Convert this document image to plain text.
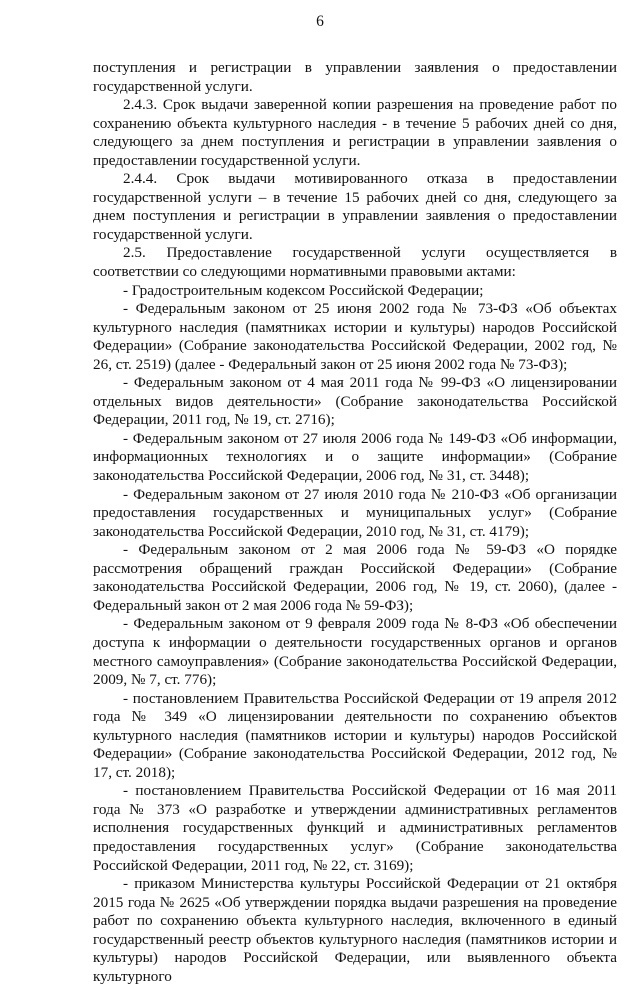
6

поступления и регистрации в управлении заявления о предоставлении государственной услуги.

2.4.3. Срок выдачи заверенной копии разрешения на проведение работ по сохранению объекта культурного наследия - в течение 5 рабочих дней со дня, следующего за днем поступления и регистрации в управлении заявления о предоставлении государственной услуги.

2.4.4. Срок выдачи мотивированного отказа в предоставлении государственной услуги – в течение 15 рабочих дней со дня, следующего за днем поступления и регистрации в управлении заявления о предоставлении государственной услуги.

2.5. Предоставление государственной услуги осуществляется в соответствии со следующими нормативными правовыми актами:

- Градостроительным кодексом Российской Федерации;

- Федеральным законом от 25 июня 2002 года № 73-ФЗ «Об объектах культурного наследия (памятниках истории и культуры) народов Российской Федерации» (Собрание законодательства Российской Федерации, 2002 год, № 26, ст. 2519) (далее - Федеральный закон от 25 июня 2002 года № 73-ФЗ);

- Федеральным законом от 4 мая 2011 года № 99-ФЗ «О лицензировании отдельных видов деятельности» (Собрание законодательства Российской Федерации, 2011 год, № 19, ст. 2716);

- Федеральным законом от 27 июля 2006 года № 149-ФЗ «Об информации, информационных технологиях и о защите информации» (Собрание законодательства Российской Федерации, 2006 год, № 31, ст. 3448);

- Федеральным законом от 27 июля 2010 года № 210-ФЗ «Об организации предоставления государственных и муниципальных услуг» (Собрание законодательства Российской Федерации, 2010 год, № 31, ст. 4179);

- Федеральным законом от 2 мая 2006 года № 59-ФЗ «О порядке рассмотрения обращений граждан Российской Федерации» (Собрание законодательства Российской Федерации, 2006 год, № 19, ст. 2060), (далее - Федеральный закон от 2 мая 2006 года № 59-ФЗ);

- Федеральным законом от 9 февраля 2009 года № 8-ФЗ «Об обеспечении доступа к информации о деятельности государственных органов и органов местного самоуправления» (Собрание законодательства Российской Федерации, 2009, № 7, ст. 776);

- постановлением Правительства Российской Федерации от 19 апреля 2012 года № 349 «О лицензировании деятельности по сохранению объектов культурного наследия (памятников истории и культуры) народов Российской Федерации» (Собрание законодательства Российской Федерации, 2012 год, № 17, ст. 2018);

- постановлением Правительства Российской Федерации от 16 мая 2011 года № 373 «О разработке и утверждении административных регламентов исполнения государственных функций и административных регламентов предоставления государственных услуг» (Собрание законодательства Российской Федерации, 2011 год, № 22, ст. 3169);

- приказом Министерства культуры Российской Федерации от 21 октября 2015 года № 2625 «Об утверждении порядка выдачи разрешения на проведение работ по сохранению объекта культурного наследия, включенного в единый государственный реестр объектов культурного наследия (памятников истории и культуры) народов Российской Федерации, или выявленного объекта культурного
